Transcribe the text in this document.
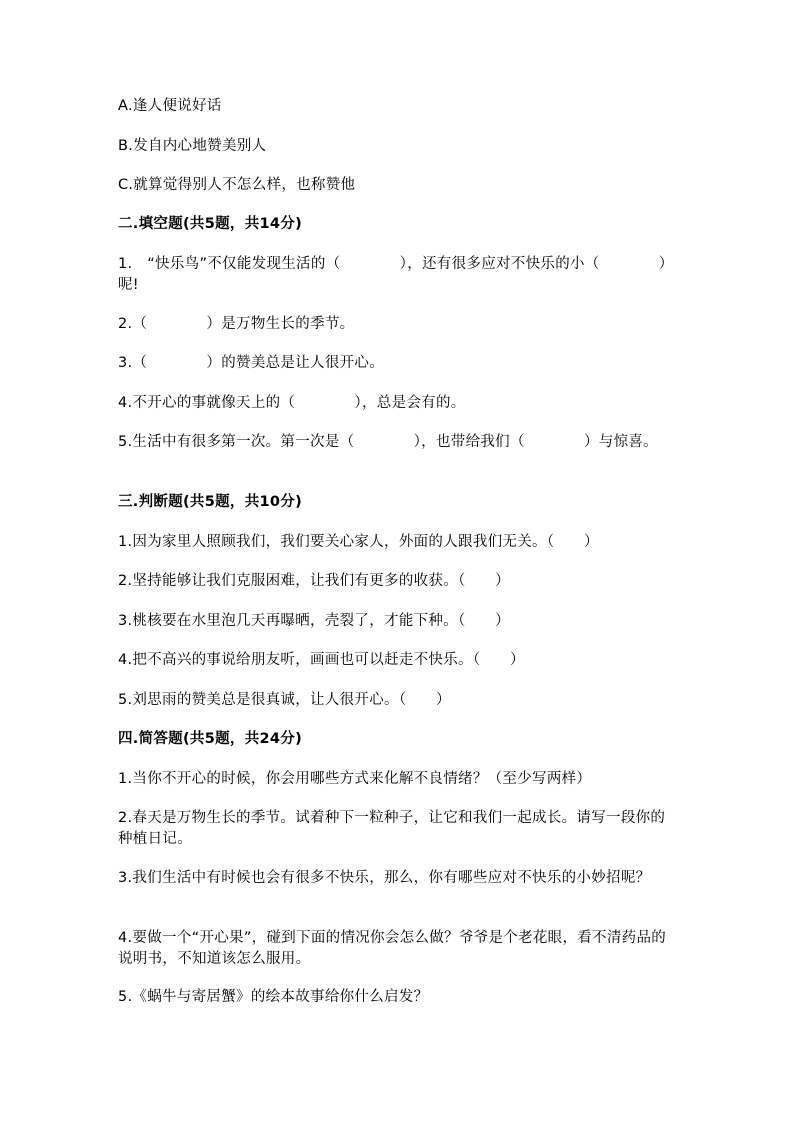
A.逢人便说好话
B.发自内心地赞美别人
C.就算觉得别人不怎么样，也称赞他
二.填空题(共5题，共14分)
1.　“快乐鸟”不仅能发现生活的（　　　　），还有很多应对不快乐的小（　　　　）呢!
2.（　　　　）是万物生长的季节。
3.（　　　　）的赞美总是让人很开心。
4.不开心的事就像天上的（　　　　），总是会有的。
5.生活中有很多第一次。第一次是（　　　　），也带给我们（　　　　）与惊喜。
三.判断题(共5题，共10分)
1.因为家里人照顾我们，我们要关心家人，外面的人跟我们无关。（　　）
2.坚持能够让我们克服困难，让我们有更多的收获。（　　）
3.桃核要在水里泡几天再曝晒，壳裂了，才能下种。（　　）
4.把不高兴的事说给朋友听，画画也可以赶走不快乐。（　　）
5.刘思雨的赞美总是很真诚，让人很开心。（　　）
四.简答题(共5题，共24分)
1.当你不开心的时候，你会用哪些方式来化解不良情绪？（至少写两样）
2.春天是万物生长的季节。试着种下一粒种子，让它和我们一起成长。请写一段你的种植日记。
3.我们生活中有时候也会有很多不快乐，那么，你有哪些应对不快乐的小妙招呢？
4.要做一个“开心果”，碰到下面的情况你会怎么做？爷爷是个老花眼，看不清药品的说明书，不知道该怎么服用。
5.《蜗牛与寄居蟹》的绘本故事给你什么启发？
